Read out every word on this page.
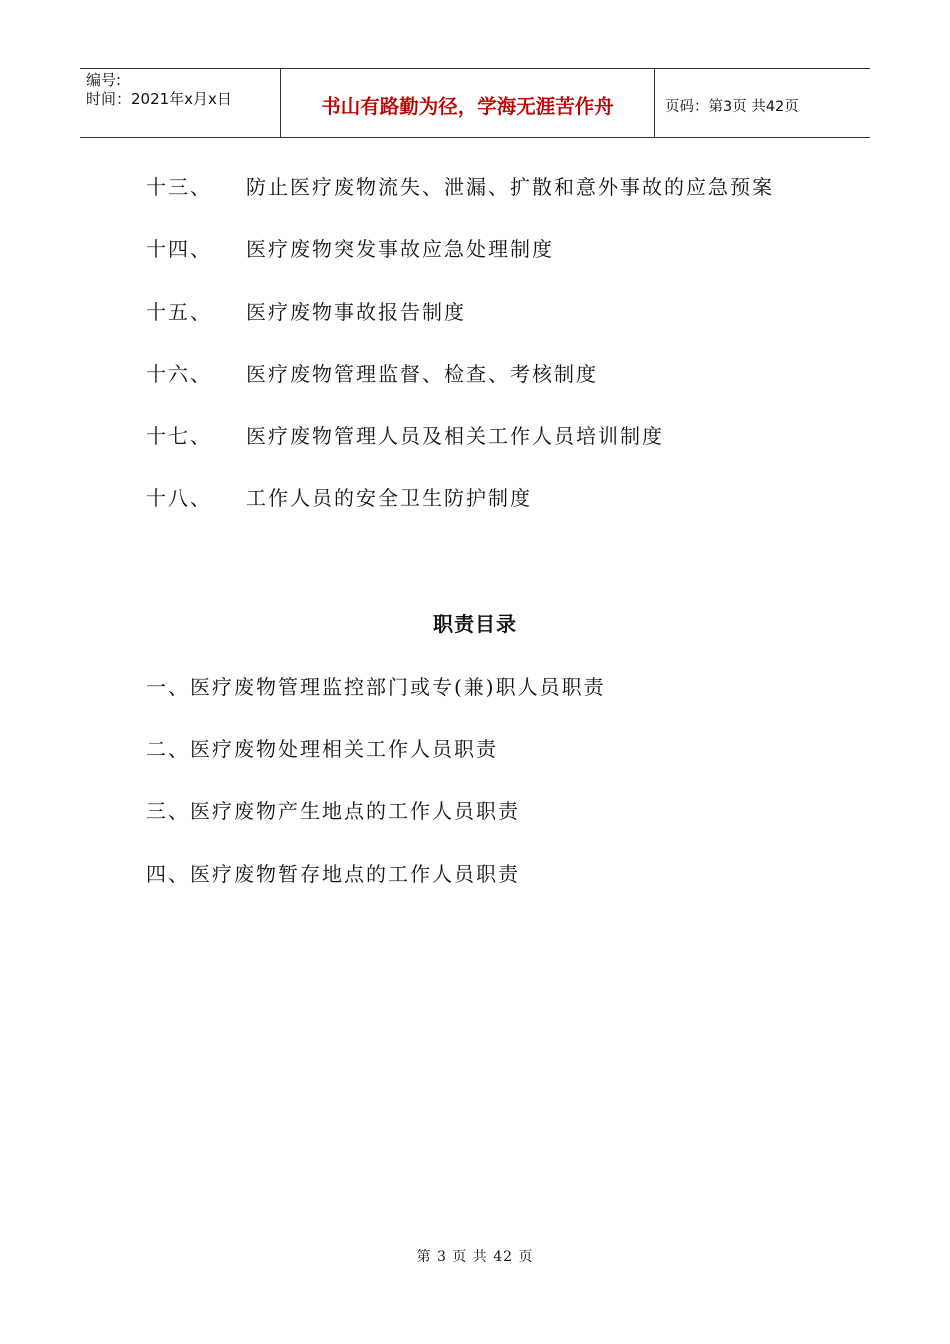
编号:
时间：2021年x月x日	书山有路勤为径，学海无涯苦作舟	页码：第3页 共42页
十三、 防止医疗废物流失、泄漏、扩散和意外事故的应急预案
十四、 医疗废物突发事故应急处理制度
十五、 医疗废物事故报告制度
十六、 医疗废物管理监督、检查、考核制度
十七、 医疗废物管理人员及相关工作人员培训制度
十八、 工作人员的安全卫生防护制度
职责目录
一、医疗废物管理监控部门或专(兼)职人员职责
二、医疗废物处理相关工作人员职责
三、医疗废物产生地点的工作人员职责
四、医疗废物暂存地点的工作人员职责
第 3 页 共 42 页
